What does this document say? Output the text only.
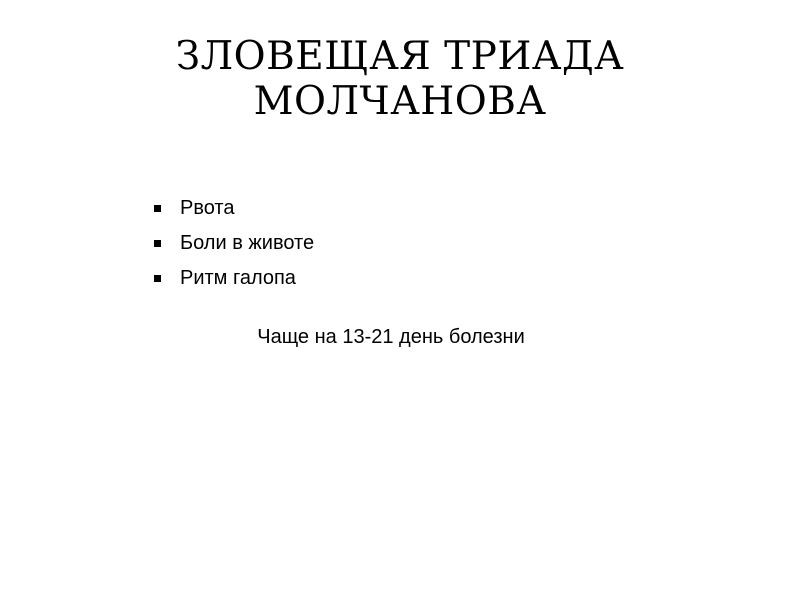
ЗЛОВЕЩАЯ ТРИАДА
МОЛЧАНОВА
Рвота
Боли в животе
Ритм галопа
Чаще на 13-21 день болезни
